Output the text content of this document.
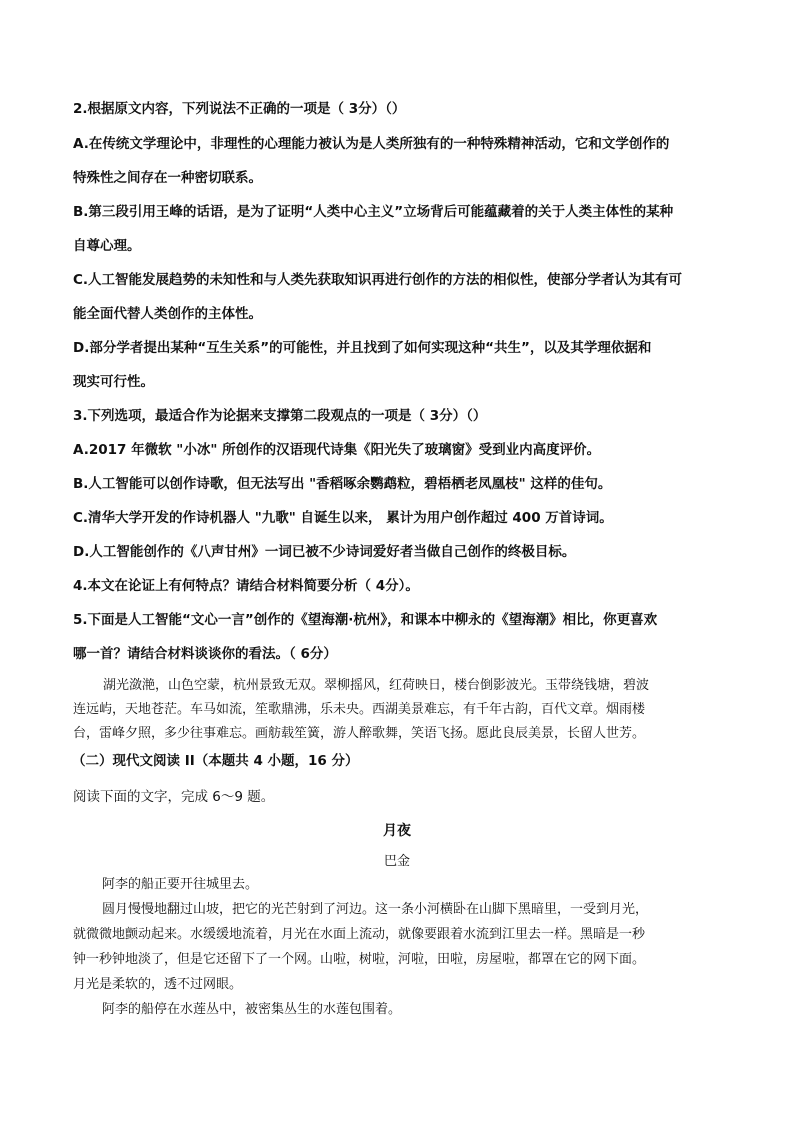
2.根据原文内容，下列说法不正确的一项是（ 3分）（）
A.在传统文学理论中，非理性的心理能力被认为是人类所独有的一种特殊精神活动，它和文学创作的
特殊性之间存在一种密切联系。
B.第三段引用王峰的话语，是为了证明“人类中心主义”立场背后可能蕴藏着的关于人类主体性的某种
自尊心理。
C.人工智能发展趋势的未知性和与人类先获取知识再进行创作的方法的相似性，使部分学者认为其有可
能全面代替人类创作的主体性。
D.部分学者提出某种“互生关系”的可能性，并且找到了如何实现这种“共生”，以及其学理依据和
现实可行性。
3.下列选项，最适合作为论据来支撑第二段观点的一项是（ 3分）（）
A.2017 年微软 "小冰" 所创作的汉语现代诗集《阳光失了玻璃窗》受到业内高度评价。
B.人工智能可以创作诗歌，但无法写出 "香稻啄余鹦鹉粒，碧梧栖老凤凰枝" 这样的佳句。
C.清华大学开发的作诗机器人 "九歌" 自诞生以来， 累计为用户创作超过 400 万首诗词。
D.人工智能创作的《八声甘州》一词已被不少诗词爱好者当做自己创作的终极目标。
4.本文在论证上有何特点？请结合材料简要分析（ 4分）。
5.下面是人工智能“文心一言”创作的《望海潮·杭州》，和课本中柳永的《望海潮》相比，你更喜欢
哪一首？请结合材料谈谈你的看法。（ 6分）
湖光潋滟，山色空蒙，杭州景致无双。翠柳摇风，红荷映日，楼台倒影波光。玉带绕钱塘，碧波
连远屿，天地苍茫。车马如流，笙歌鼎沸，乐未央。西湖美景难忘，有千年古韵，百代文章。烟雨楼
台，雷峰夕照，多少往事难忘。画舫载笙簧，游人醉歌舞，笑语飞扬。愿此良辰美景，长留人世芳。
（二）现代文阅读 II（本题共 4 小题，16 分）
阅读下面的文字，完成 6～9 题。
月夜
巴金
阿李的船正要开往城里去。
圆月慢慢地翻过山坡，把它的光芒射到了河边。这一条小河横卧在山脚下黑暗里，一受到月光，
就微微地颤动起来。水缓缓地流着，月光在水面上流动，就像要跟着水流到江里去一样。黑暗是一秒
钟一秒钟地淡了，但是它还留下了一个网。山啦，树啦，河啦，田啦，房屋啦，都罩在它的网下面。
月光是柔软的，透不过网眼。
阿李的船停在水莲丛中，被密集丛生的水莲包围着。
